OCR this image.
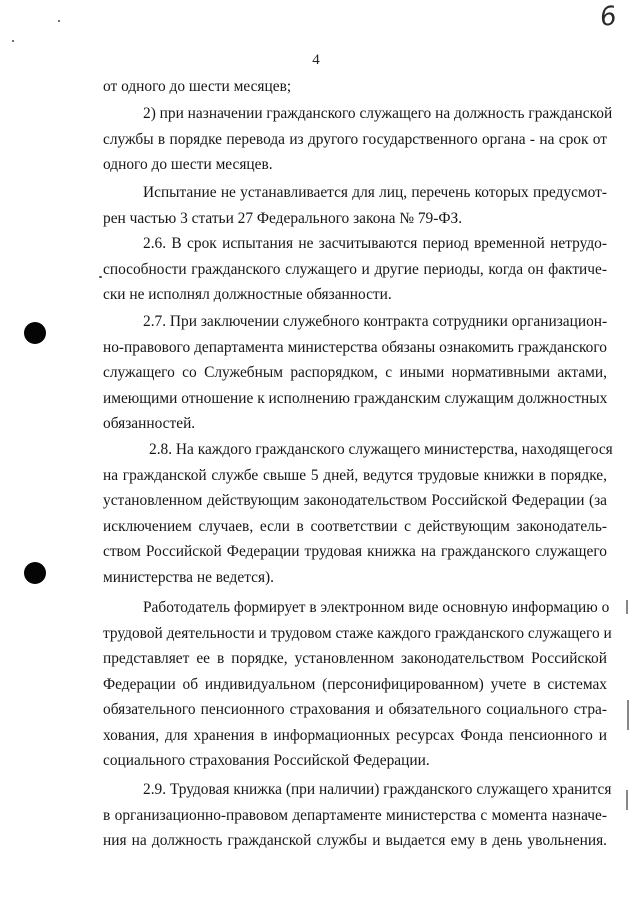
6
4
от одного до шести месяцев;
2) при назначении гражданского служащего на должность гражданской
службы в порядке перевода из другого государственного органа - на срок от
одного до шести месяцев.
Испытание не устанавливается для лиц, перечень которых предусмот-
рен частью 3 статьи 27 Федерального закона № 79-ФЗ.
2.6. В срок испытания не засчитываются период временной нетрудо-
способности гражданского служащего и другие периоды, когда он фактиче-
ски не исполнял должностные обязанности.
2.7. При заключении служебного контракта сотрудники организацион-
но-правового департамента министерства обязаны ознакомить гражданского
служащего со Служебным распорядком, с иными нормативными актами,
имеющими отношение к исполнению гражданским служащим должностных
обязанностей.
2.8. На каждого гражданского служащего министерства, находящегося
на гражданской службе свыше 5 дней, ведутся трудовые книжки в порядке,
установленном действующим законодательством Российской Федерации (за
исключением случаев, если в соответствии с действующим законодатель-
ством Российской Федерации трудовая книжка на гражданского служащего
министерства не ведется).
Работодатель формирует в электронном виде основную информацию о
трудовой деятельности и трудовом стаже каждого гражданского служащего и
представляет ее в порядке, установленном законодательством Российской
Федерации об индивидуальном (персонифицированном) учете в системах
обязательного пенсионного страхования и обязательного социального стра-
хования, для хранения в информационных ресурсах Фонда пенсионного и
социального страхования Российской Федерации.
2.9. Трудовая книжка (при наличии) гражданского служащего хранится
в организационно-правовом департаменте министерства с момента назначе-
ния на должность гражданской службы и выдается ему в день увольнения.
